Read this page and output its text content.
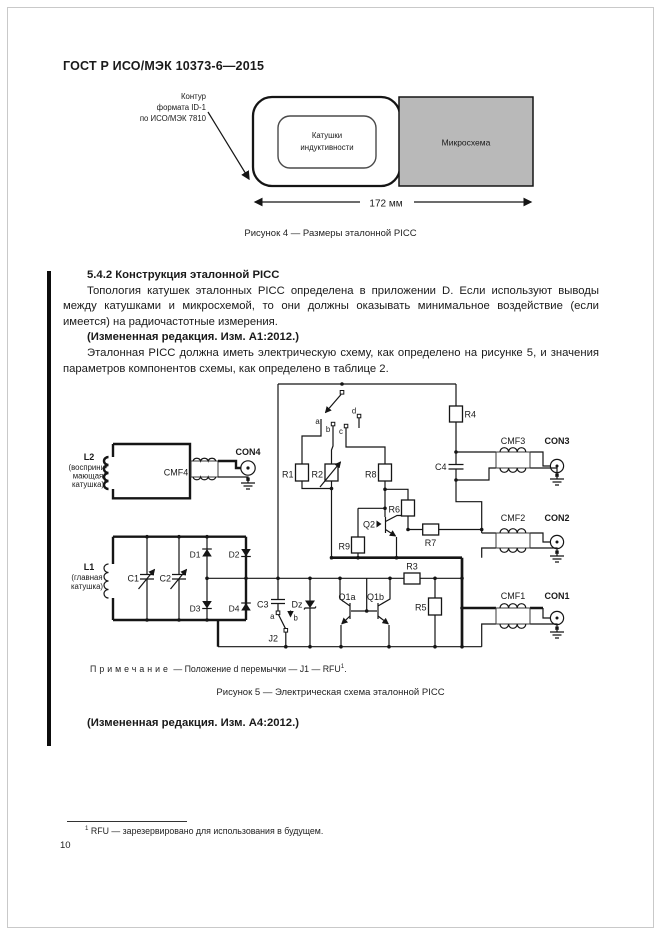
ГОСТ Р ИСО/МЭК 10373-6—2015
Контур
формата ID-1
по ИСО/МЭК 7810
Микросхема
Катушки
индуктивности
172 мм
Рисунок 4 — Размеры эталонной PICC
5.4.2 Конструкция эталонной PICC

Топология катушек эталонных PICC определена в приложении D. Если используют выводы между катушками и микросхемой, то они должны оказывать минимальное воздействие (если имеется) на радиочастотные измерения.

(Измененная редакция. Изм. А1:2012.)

Эталонная PICC должна иметь электрическую схему, как определено на рисунке 5, и значения параметров компонентов схемы, как определено в таблице 2.

L2
(восприни-
мающая
катушка)
CMF4
CON4
a
b c
d
R1 R2	R8
R4
R6
R9	R7
Q2
C4
CMF3 CON3
CMF2 CON2
CMF1 CON1
L1
(главная
катушка)
C1 C2
D1
D3
D2
D4 C3	Dz
a b
J2
Q1a Q1b
R3
R5
Примечание — Положение d перемычки — J1 — RFU$^1$.
Рисунок 5 — Электрическая схема эталонной PICC
(Измененная редакция. Изм. А4:2012.)
$^1$ RFU — зарезервировано для использования в будущем.
10
